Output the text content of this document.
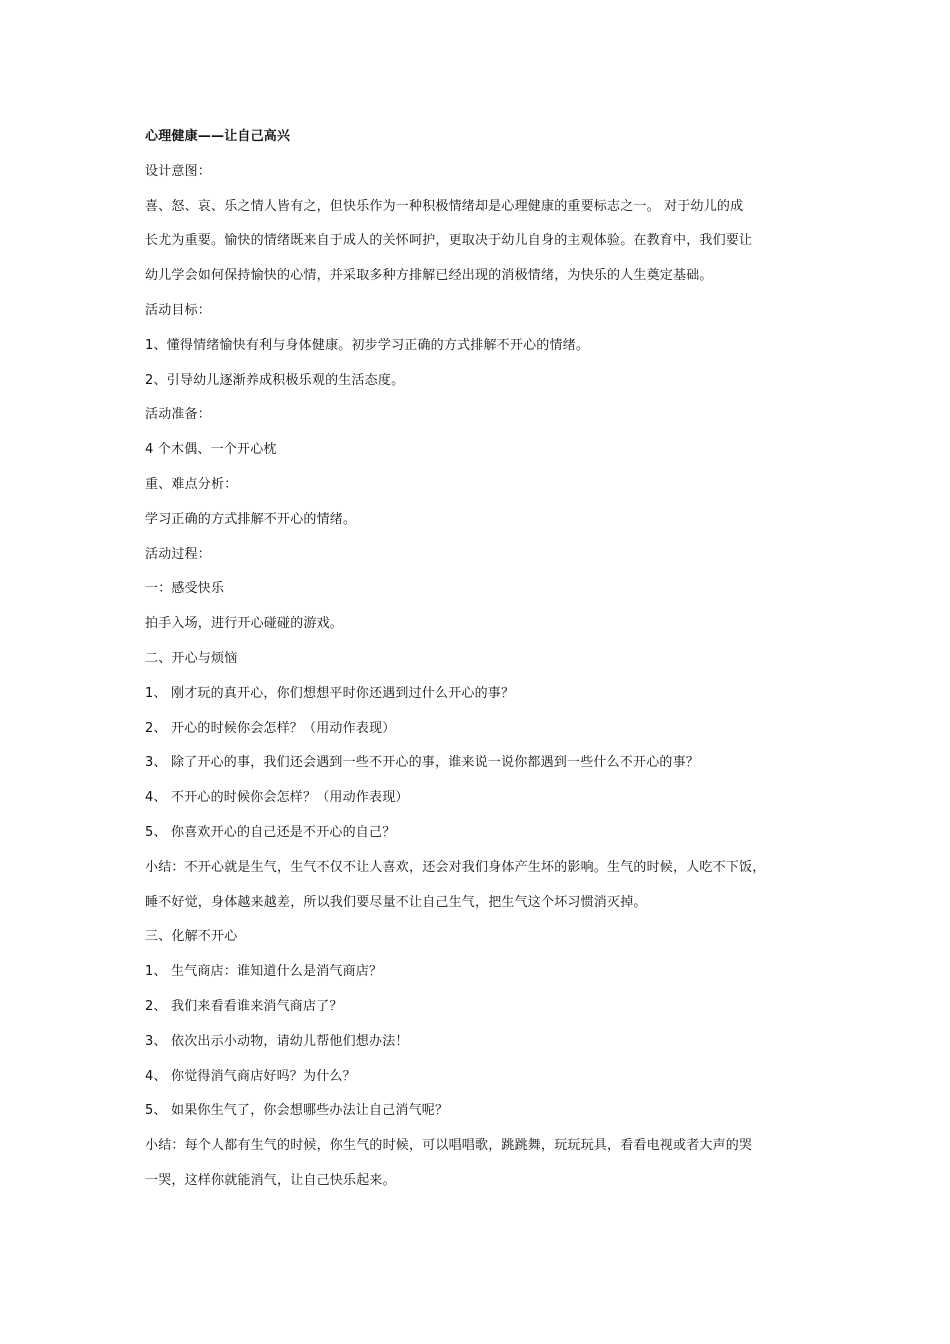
心理健康——让自己高兴
设计意图：
喜、怒、哀、乐之情人皆有之，但快乐作为一种积极情绪却是心理健康的重要标志之一。 对于幼儿的成
长尤为重要。愉快的情绪既来自于成人的关怀呵护，更取决于幼儿自身的主观体验。在教育中，我们要让
幼儿学会如何保持愉快的心情，并采取多种方排解已经出现的消极情绪，为快乐的人生奠定基础。
活动目标：
1、懂得情绪愉快有利与身体健康。初步学习正确的方式排解不开心的情绪。
2、引导幼儿逐渐养成积极乐观的生活态度。
活动准备：
4 个木偶、一个开心枕
重、难点分析：
学习正确的方式排解不开心的情绪。
活动过程：
一：感受快乐
拍手入场，进行开心碰碰的游戏。
二、开心与烦恼
1、 刚才玩的真开心，你们想想平时你还遇到过什么开心的事？
2、 开心的时候你会怎样？（用动作表现）
3、 除了开心的事，我们还会遇到一些不开心的事，谁来说一说你都遇到一些什么不开心的事？
4、 不开心的时候你会怎样？（用动作表现）
5、 你喜欢开心的自己还是不开心的自己？
小结：不开心就是生气，生气不仅不让人喜欢，还会对我们身体产生坏的影响。生气的时候，人吃不下饭，
睡不好觉，身体越来越差，所以我们要尽量不让自己生气，把生气这个坏习惯消灭掉。
三、化解不开心
1、 生气商店：谁知道什么是消气商店？
2、 我们来看看谁来消气商店了？
3、 依次出示小动物，请幼儿帮他们想办法！
4、 你觉得消气商店好吗？为什么？
5、 如果你生气了，你会想哪些办法让自己消气呢？
小结：每个人都有生气的时候，你生气的时候，可以唱唱歌，跳跳舞，玩玩玩具，看看电视或者大声的哭
一哭，这样你就能消气，让自己快乐起来。
